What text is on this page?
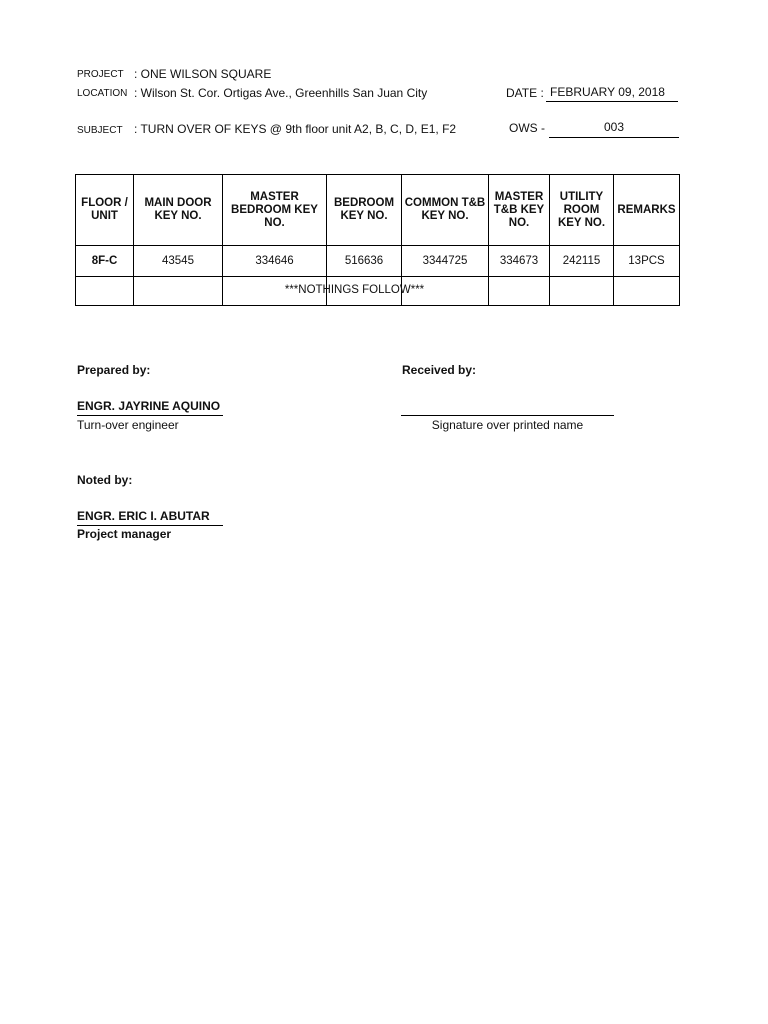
PROJECT : ONE WILSON SQUARE
LOCATION : Wilson St. Cor. Ortigas Ave., Greenhills San Juan City	DATE : FEBRUARY 09, 2018
SUBJECT : TURN OVER OF KEYS @ 9th floor unit A2, B, C, D, E1, F2	OWS -	003
FLOOR / UNIT	MAIN DOOR KEY NO.	MASTER BEDROOM KEY NO.	BEDROOM KEY NO.	COMMON T&B KEY NO.	MASTER T&B KEY NO.	UTILITY ROOM KEY NO.	REMARKS
8F-C	43545	334646	516636	3344725	334673	242115	13PCS

***NOTHINGS FOLLOW***
Prepared by:
ENGR. JAYRINE AQUINO
Turn-over engineer
Received by:
Signature over printed name
Noted by:
ENGR. ERIC I. ABUTAR
Project manager
